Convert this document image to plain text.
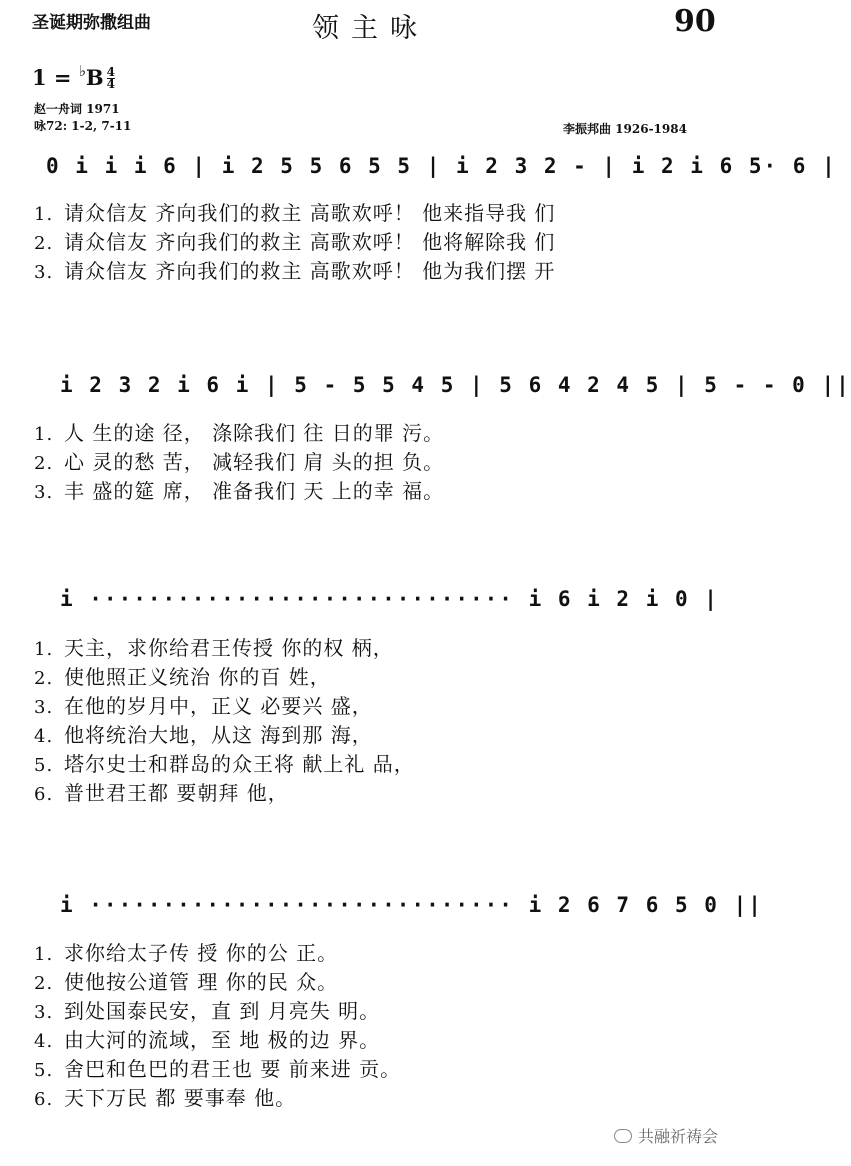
圣诞期弥撒组曲	领主咏	90
$1 = ^♭B \frac{4}{4}$
赵一舟词 1971
咏72: 1-2, 7-11	李振邦曲 1926-1984
0 i i i 6 | i 2 5 5 6 5 5 | i 2 3 2 - | i 2 i 6 5· 6 |
1. 请众信友 齐向我们的救主 高歌欢呼！ 他来指导我 们
2. 请众信友 齐向我们的救主 高歌欢呼！ 他将解除我 们
3. 请众信友 齐向我们的救主 高歌欢呼！ 他为我们摆 开
i 2 3 2 i 6 i | 5 - 5 5 4 5 | 5 6 4 2 4 5 | 5 - - 0 ||
1. 人 生的途 径， 涤除我们 往 日的罪 污。
2. 心 灵的愁 苦， 减轻我们 肩 头的担 负。
3. 丰 盛的筵 席， 准备我们 天 上的幸 福。
i ····························· i 6 i 2 i 0 |
1. 天主，求你给君王传授 你的权 柄，
2. 使他照正义统治 你的百 姓，
3. 在他的岁月中，正义 必要兴 盛，
4. 他将统治大地，从这 海到那 海，
5. 塔尔史士和群岛的众王将 献上礼 品，
6. 普世君王都 要朝拜 他，
i ····························· i 2 6 7 6 5 0 ||
1. 求你给太子传 授 你的公 正。
2. 使他按公道管 理 你的民 众。
3. 到处国泰民安，直 到 月亮失 明。
4. 由大河的流域，至 地 极的边 界。
5. 舍巴和色巴的君王也 要 前来进 贡。
6. 天下万民 都 要事奉 他。
共融祈祷会
